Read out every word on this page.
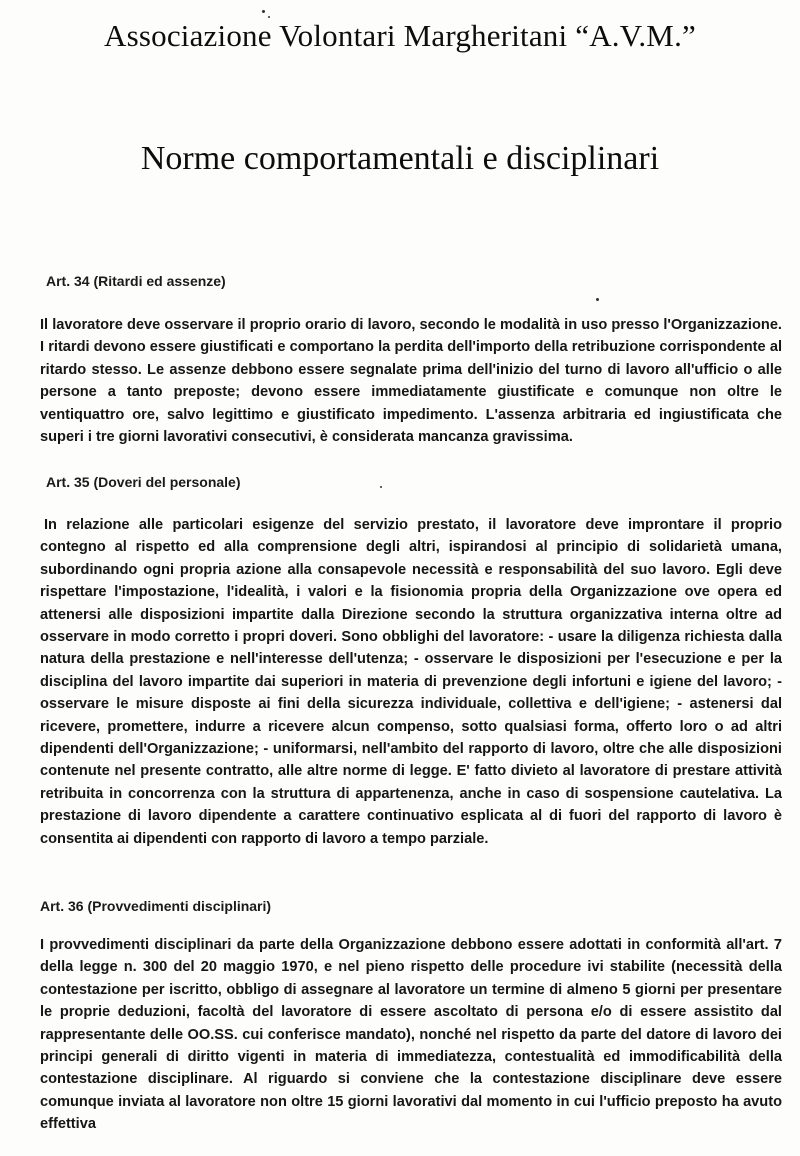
Associazione Volontari Margheritani “A.V.M.”
Norme comportamentali e disciplinari
Art. 34 (Ritardi ed assenze)

Il lavoratore deve osservare il proprio orario di lavoro, secondo le modalità in uso presso l'Organizzazione. I ritardi devono essere giustificati e comportano la perdita dell'importo della retribuzione corrispondente al ritardo stesso. Le assenze debbono essere segnalate prima dell'inizio del turno di lavoro all'ufficio o alle persone a tanto preposte; devono essere immediatamente giustificate e comunque non oltre le ventiquattro ore, salvo legittimo e giustificato impedimento. L'assenza arbitraria ed ingiustificata che superi i tre giorni lavorativi consecutivi, è considerata mancanza gravissima.

Art. 35 (Doveri del personale)

In relazione alle particolari esigenze del servizio prestato, il lavoratore deve improntare il proprio contegno al rispetto ed alla comprensione degli altri, ispirandosi al principio di solidarietà umana, subordinando ogni propria azione alla consapevole necessità e responsabilità del suo lavoro. Egli deve rispettare l'impostazione, l'idealità, i valori e la fisionomia propria della Organizzazione ove opera ed attenersi alle disposizioni impartite dalla Direzione secondo la struttura organizzativa interna oltre ad osservare in modo corretto i propri doveri. Sono obblighi del lavoratore: - usare la diligenza richiesta dalla natura della prestazione e nell'interesse dell'utenza; - osservare le disposizioni per l'esecuzione e per la disciplina del lavoro impartite dai superiori in materia di prevenzione degli infortuni e igiene del lavoro; - osservare le misure disposte ai fini della sicurezza individuale, collettiva e dell'igiene; - astenersi dal ricevere, promettere, indurre a ricevere alcun compenso, sotto qualsiasi forma, offerto loro o ad altri dipendenti dell'Organizzazione; - uniformarsi, nell'ambito del rapporto di lavoro, oltre che alle disposizioni contenute nel presente contratto, alle altre norme di legge. E' fatto divieto al lavoratore di prestare attività retribuita in concorrenza con la struttura di appartenenza, anche in caso di sospensione cautelativa. La prestazione di lavoro dipendente a carattere continuativo esplicata al di fuori del rapporto di lavoro è consentita ai dipendenti con rapporto di lavoro a tempo parziale.

Art. 36 (Provvedimenti disciplinari)

I provvedimenti disciplinari da parte della Organizzazione debbono essere adottati in conformità all'art. 7 della legge n. 300 del 20 maggio 1970, e nel pieno rispetto delle procedure ivi stabilite (necessità della contestazione per iscritto, obbligo di assegnare al lavoratore un termine di almeno 5 giorni per presentare le proprie deduzioni, facoltà del lavoratore di essere ascoltato di persona e/o di essere assistito dal rappresentante delle OO.SS. cui conferisce mandato), nonché nel rispetto da parte del datore di lavoro dei principi generali di diritto vigenti in materia di immediatezza, contestualità ed immodificabilità della contestazione disciplinare. Al riguardo si conviene che la contestazione disciplinare deve essere comunque inviata al lavoratore non oltre 15 giorni lavorativi dal momento in cui l'ufficio preposto ha avuto effettiva
